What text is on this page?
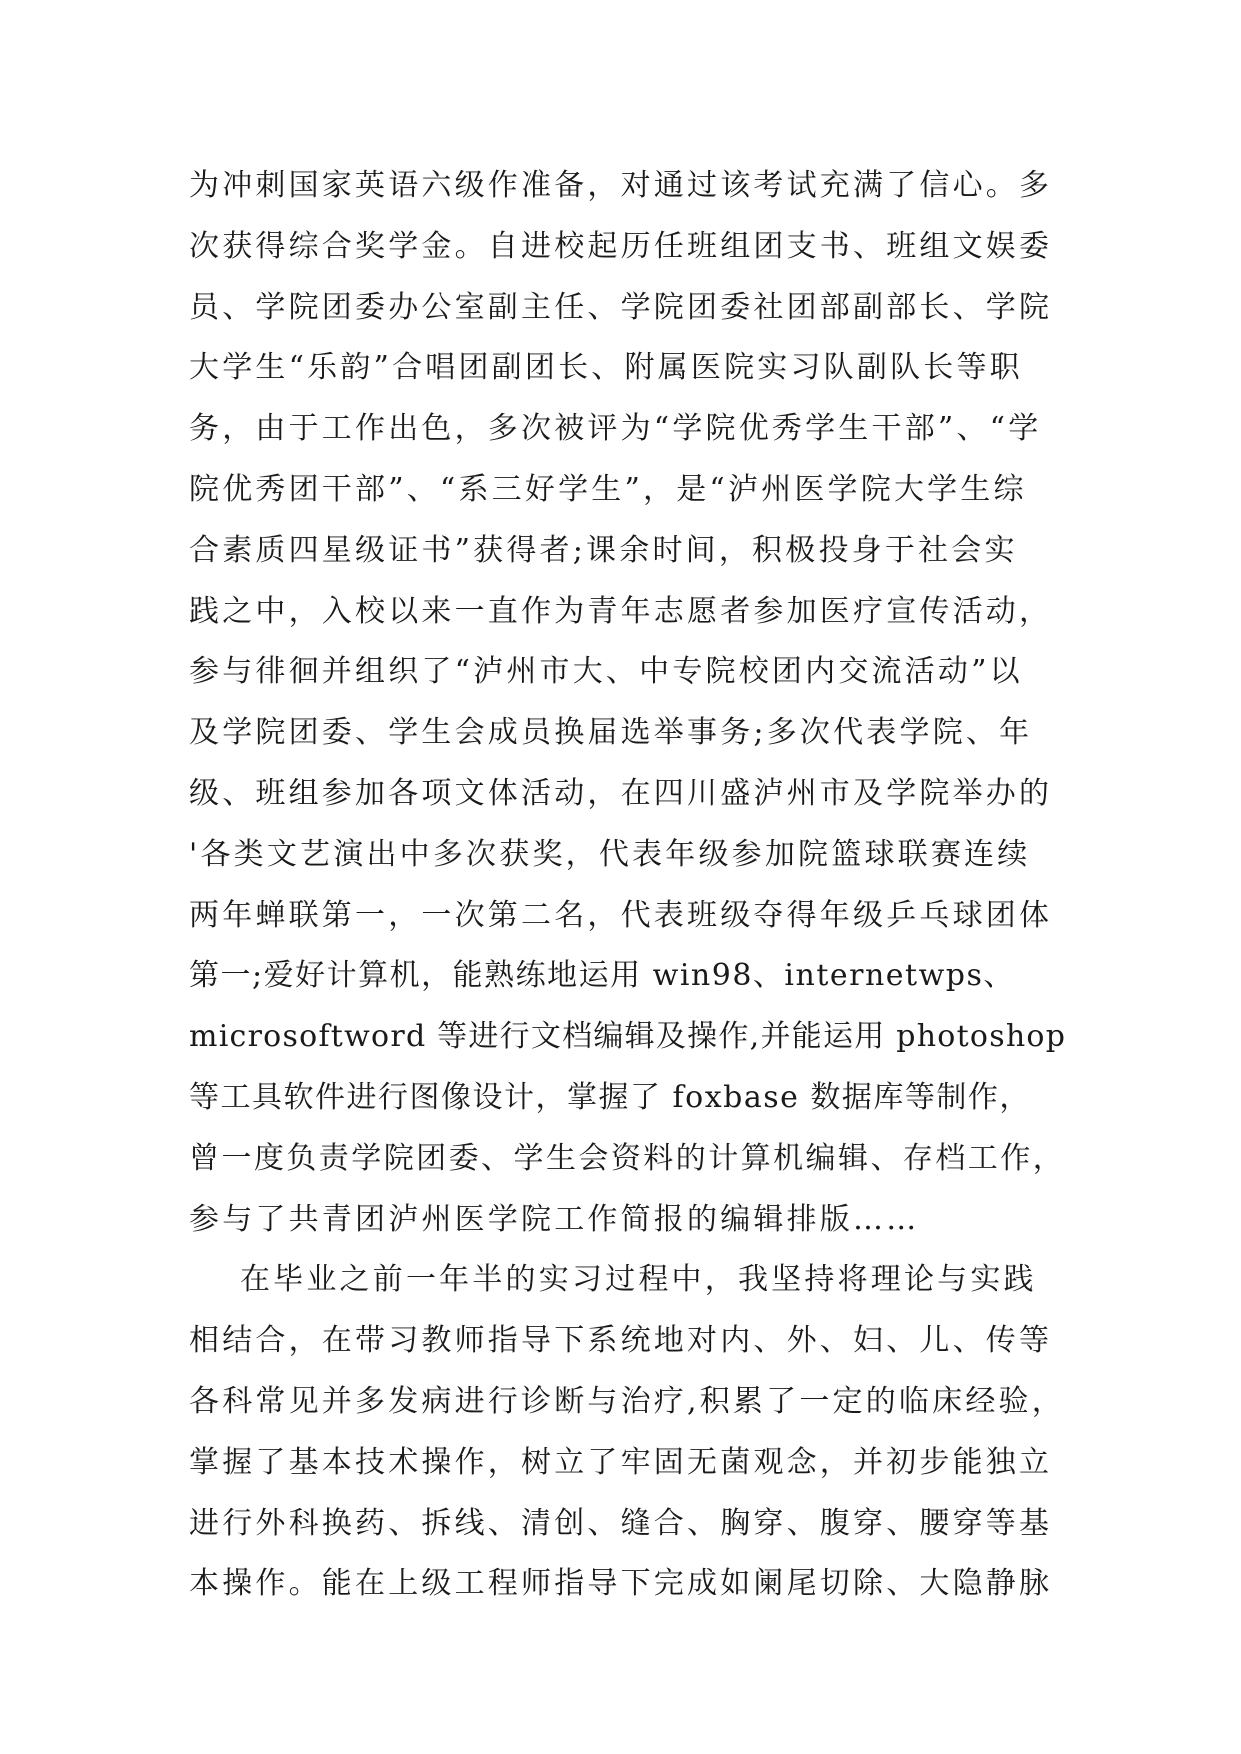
为冲刺国家英语六级作准备，对通过该考试充满了信心。多
次获得综合奖学金。自进校起历任班组团支书、班组文娱委
员、学院团委办公室副主任、学院团委社团部副部长、学院
大学生“乐韵”合唱团副团长、附属医院实习队副队长等职
务，由于工作出色，多次被评为“学院优秀学生干部”、“学
院优秀团干部”、“系三好学生”，是“泸州医学院大学生综
合素质四星级证书”获得者;课余时间，积极投身于社会实
践之中，入校以来一直作为青年志愿者参加医疗宣传活动，
参与徘徊并组织了“泸州市大、中专院校团内交流活动”以
及学院团委、学生会成员换届选举事务;多次代表学院、年
级、班组参加各项文体活动，在四川盛泸州市及学院举办的
'各类文艺演出中多次获奖，代表年级参加院篮球联赛连续
两年蝉联第一，一次第二名，代表班级夺得年级乒乓球团体
第一;爱好计算机，能熟练地运用 win98、internetwps、
microsoftword 等进行文档编辑及操作,并能运用 photoshop
等工具软件进行图像设计，掌握了 foxbase 数据库等制作，
曾一度负责学院团委、学生会资料的计算机编辑、存档工作，
参与了共青团泸州医学院工作简报的编辑排版……
在毕业之前一年半的实习过程中，我坚持将理论与实践
相结合，在带习教师指导下系统地对内、外、妇、儿、传等
各科常见并多发病进行诊断与治疗,积累了一定的临床经验，
掌握了基本技术操作，树立了牢固无菌观念，并初步能独立
进行外科换药、拆线、清创、缝合、胸穿、腹穿、腰穿等基
本操作。能在上级工程师指导下完成如阑尾切除、大隐静脉
